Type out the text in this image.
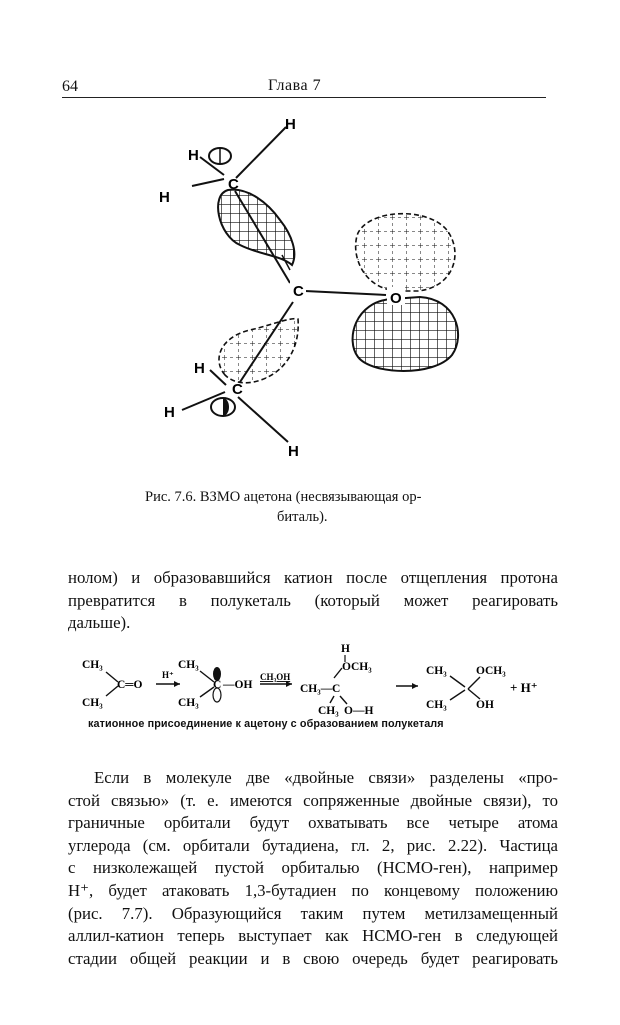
64	Глава 7
C
C	O
C
H
H
H
H
H
H
Рис. 7.6. ВЗМО ацетона (несвязывающая ор-
биталь).
нолом) и образовавшийся катион после отщепления протона
превратится в полукеталь (который может реагировать
дальше).
CH₃
CH₃
C═O
H⁺
CH₃
CH₃
C —OH
CH₃OH
H
OCH₃
CH₃— C
CH₃ O—H
CH₃
CH₃
OCH₃
OH
+ H⁺
катионное присоединение к ацетону с образованием полукеталя
Если в молекуле две «двойные связи» разделены «про-
стой связью» (т. е. имеются сопряженные двойные связи), то
граничные орбитали будут охватывать все четыре атома
углерода (см. орбитали бутадиена, гл. 2, рис. 2.22). Частица
с низколежащей пустой орбиталью (НСМО-ген), например
H⁺, будет атаковать 1,3-бутадиен по концевому положению
(рис. 7.7). Образующийся таким путем метилзамещенный
аллил-катион теперь выступает как НСМО-ген в следующей
стадии общей реакции и в свою очередь будет реагировать
